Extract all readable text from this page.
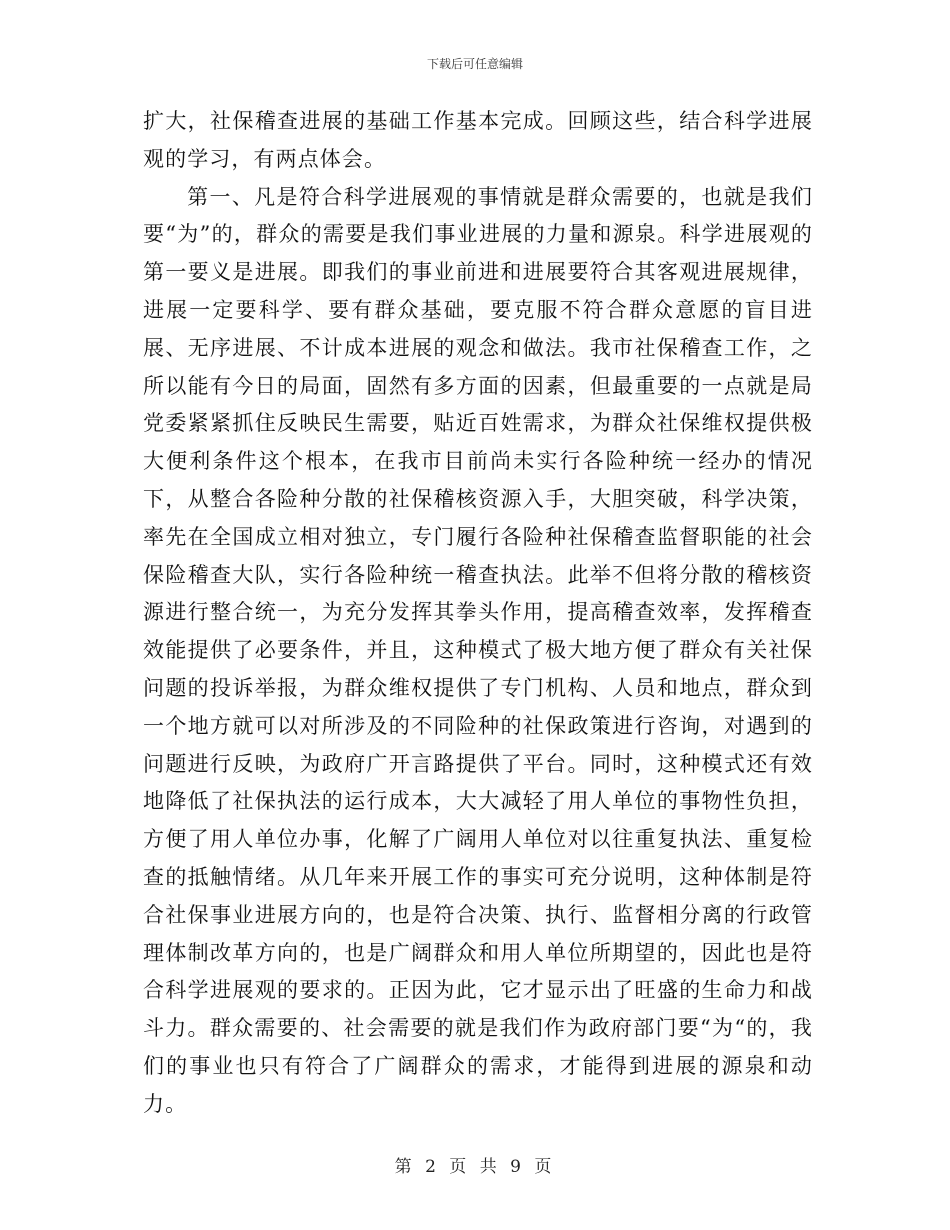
下载后可任意编辑

扩大，社保稽查进展的基础工作基本完成。回顾这些，结合科学进展观的学习，有两点体会。

第一、凡是符合科学进展观的事情就是群众需要的，也就是我们要“为”的，群众的需要是我们事业进展的力量和源泉。科学进展观的第一要义是进展。即我们的事业前进和进展要符合其客观进展规律，进展一定要科学、要有群众基础，要克服不符合群众意愿的盲目进展、无序进展、不计成本进展的观念和做法。我市社保稽查工作，之所以能有今日的局面，固然有多方面的因素，但最重要的一点就是局党委紧紧抓住反映民生需要，贴近百姓需求，为群众社保维权提供极大便利条件这个根本，在我市目前尚未实行各险种统一经办的情况下，从整合各险种分散的社保稽核资源入手，大胆突破，科学决策，率先在全国成立相对独立，专门履行各险种社保稽查监督职能的社会保险稽查大队，实行各险种统一稽查执法。此举不但将分散的稽核资源进行整合统一，为充分发挥其拳头作用，提高稽查效率，发挥稽查效能提供了必要条件，并且，这种模式了极大地方便了群众有关社保问题的投诉举报，为群众维权提供了专门机构、人员和地点，群众到一个地方就可以对所涉及的不同险种的社保政策进行咨询，对遇到的问题进行反映，为政府广开言路提供了平台。同时，这种模式还有效地降低了社保执法的运行成本，大大减轻了用人单位的事物性负担，方便了用人单位办事，化解了广阔用人单位对以往重复执法、重复检查的抵触情绪。从几年来开展工作的事实可充分说明，这种体制是符合社保事业进展方向的，也是符合决策、执行、监督相分离的行政管理体制改革方向的，也是广阔群众和用人单位所期望的，因此也是符合科学进展观的要求的。正因为此，它才显示出了旺盛的生命力和战斗力。群众需要的、社会需要的就是我们作为政府部门要“为“的，我们的事业也只有符合了广阔群众的需求，才能得到进展的源泉和动力。

第 2 页 共 9 页
